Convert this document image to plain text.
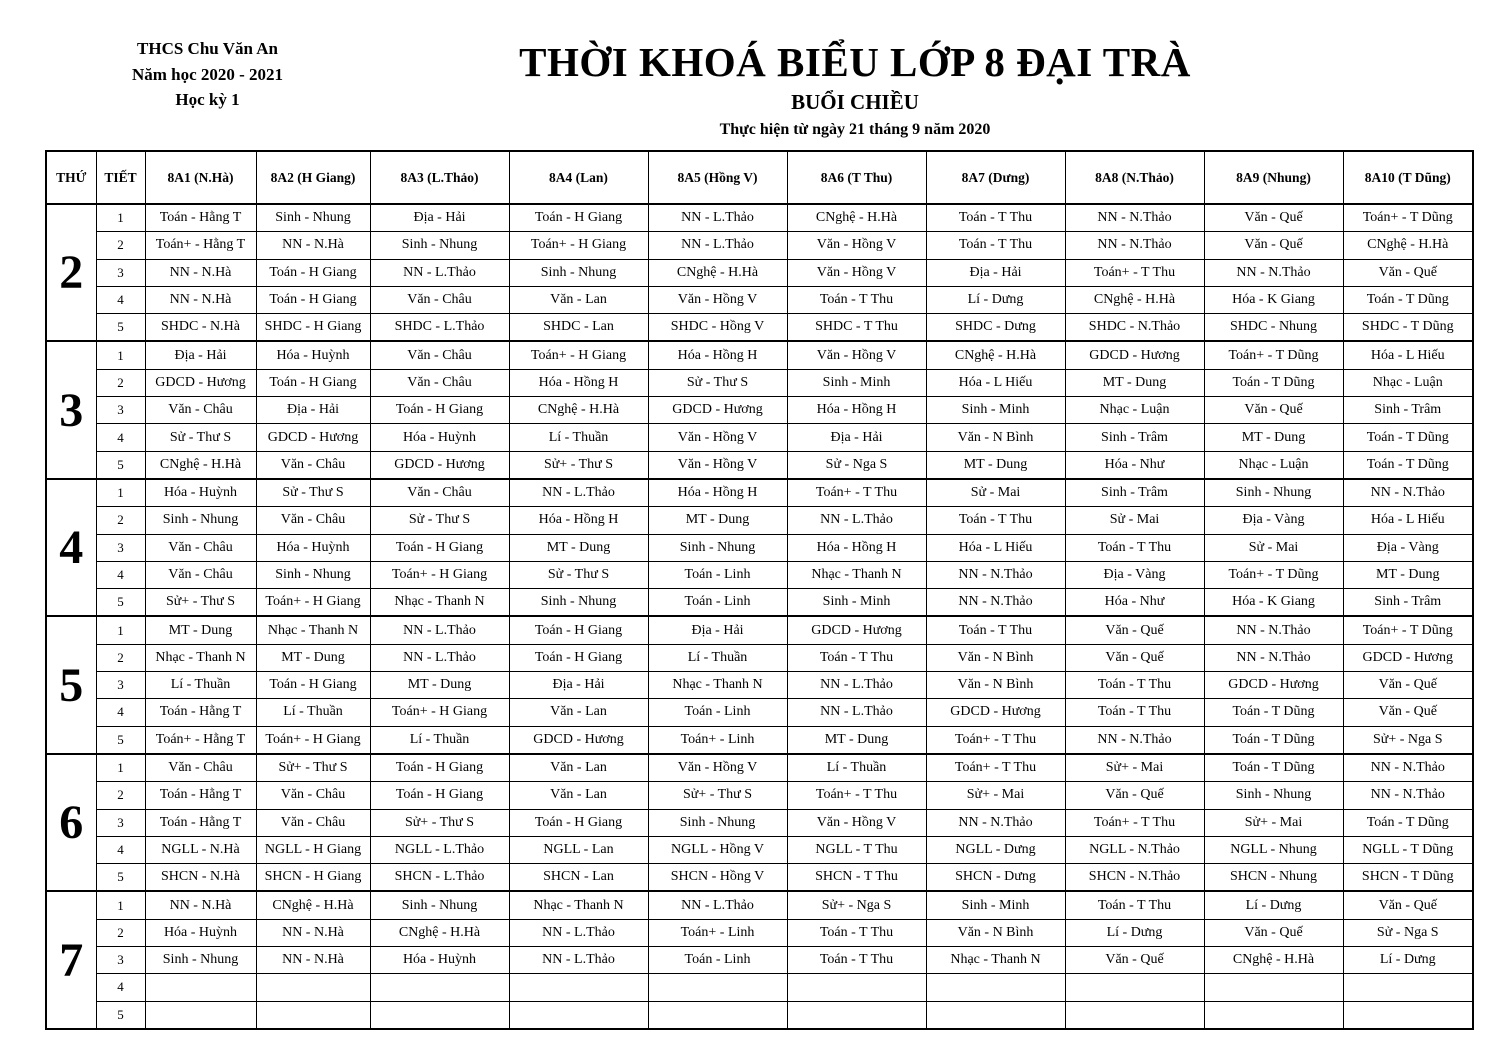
THCS Chu Văn An
Năm học 2020 - 2021
Học kỳ 1
THỜI KHOÁ BIỂU LỚP 8 ĐẠI TRÀ
BUỔI CHIỀU
Thực hiện từ ngày 21 tháng 9 năm 2020
THỨ	TIẾT	8A1 (N.Hà)	8A2 (H Giang)	8A3 (L.Thảo)	8A4 (Lan)	8A5 (Hồng V)	8A6 (T Thu)	8A7 (Dưng)	8A8 (N.Thảo)	8A9 (Nhung)	8A10 (T Dũng)
2	1	Toán - Hằng T	Sinh - Nhung	Địa - Hải	Toán - H Giang	NN - L.Thảo	CNghệ - H.Hà	Toán - T Thu	NN - N.Thảo	Văn - Quế	Toán+ - T Dũng
	2	Toán+ - Hằng T	NN - N.Hà	Sinh - Nhung	Toán+ - H Giang	NN - L.Thảo	Văn - Hồng V	Toán - T Thu	NN - N.Thảo	Văn - Quế	CNghệ - H.Hà
	3	NN - N.Hà	Toán - H Giang	NN - L.Thảo	Sinh - Nhung	CNghệ - H.Hà	Văn - Hồng V	Địa - Hải	Toán+ - T Thu	NN - N.Thảo	Văn - Quế
	4	NN - N.Hà	Toán - H Giang	Văn - Châu	Văn - Lan	Văn - Hồng V	Toán - T Thu	Lí - Dưng	CNghệ - H.Hà	Hóa - K Giang	Toán - T Dũng
	5	SHDC - N.Hà	SHDC - H Giang	SHDC - L.Thảo	SHDC - Lan	SHDC - Hồng V	SHDC - T Thu	SHDC - Dưng	SHDC - N.Thảo	SHDC - Nhung	SHDC - T Dũng
3	1	Địa - Hải	Hóa - Huỳnh	Văn - Châu	Toán+ - H Giang	Hóa - Hồng H	Văn - Hồng V	CNghệ - H.Hà	GDCD - Hương	Toán+ - T Dũng	Hóa - L Hiếu
	2	GDCD - Hương	Toán - H Giang	Văn - Châu	Hóa - Hồng H	Sử - Thư S	Sinh - Minh	Hóa - L Hiếu	MT - Dung	Toán - T Dũng	Nhạc - Luận
	3	Văn - Châu	Địa - Hải	Toán - H Giang	CNghệ - H.Hà	GDCD - Hương	Hóa - Hồng H	Sinh - Minh	Nhạc - Luận	Văn - Quế	Sinh - Trâm
	4	Sử - Thư S	GDCD - Hương	Hóa - Huỳnh	Lí - Thuần	Văn - Hồng V	Địa - Hải	Văn - N Bình	Sinh - Trâm	MT - Dung	Toán - T Dũng
	5	CNghệ - H.Hà	Văn - Châu	GDCD - Hương	Sử+ - Thư S	Văn - Hồng V	Sử - Nga S	MT - Dung	Hóa - Như	Nhạc - Luận	Toán - T Dũng
4	1	Hóa - Huỳnh	Sử - Thư S	Văn - Châu	NN - L.Thảo	Hóa - Hồng H	Toán+ - T Thu	Sử - Mai	Sinh - Trâm	Sinh - Nhung	NN - N.Thảo
	2	Sinh - Nhung	Văn - Châu	Sử - Thư S	Hóa - Hồng H	MT - Dung	NN - L.Thảo	Toán - T Thu	Sử - Mai	Địa - Vàng	Hóa - L Hiếu
	3	Văn - Châu	Hóa - Huỳnh	Toán - H Giang	MT - Dung	Sinh - Nhung	Hóa - Hồng H	Hóa - L Hiếu	Toán - T Thu	Sử - Mai	Địa - Vàng
	4	Văn - Châu	Sinh - Nhung	Toán+ - H Giang	Sử - Thư S	Toán - Linh	Nhạc - Thanh N	NN - N.Thảo	Địa - Vàng	Toán+ - T Dũng	MT - Dung
	5	Sử+ - Thư S	Toán+ - H Giang	Nhạc - Thanh N	Sinh - Nhung	Toán - Linh	Sinh - Minh	NN - N.Thảo	Hóa - Như	Hóa - K Giang	Sinh - Trâm
5	1	MT - Dung	Nhạc - Thanh N	NN - L.Thảo	Toán - H Giang	Địa - Hải	GDCD - Hương	Toán - T Thu	Văn - Quế	NN - N.Thảo	Toán+ - T Dũng
	2	Nhạc - Thanh N	MT - Dung	NN - L.Thảo	Toán - H Giang	Lí - Thuần	Toán - T Thu	Văn - N Bình	Văn - Quế	NN - N.Thảo	GDCD - Hương
	3	Lí - Thuần	Toán - H Giang	MT - Dung	Địa - Hải	Nhạc - Thanh N	NN - L.Thảo	Văn - N Bình	Toán - T Thu	GDCD - Hương	Văn - Quế
	4	Toán - Hằng T	Lí - Thuần	Toán+ - H Giang	Văn - Lan	Toán - Linh	NN - L.Thảo	GDCD - Hương	Toán - T Thu	Toán - T Dũng	Văn - Quế
	5	Toán+ - Hằng T	Toán+ - H Giang	Lí - Thuần	GDCD - Hương	Toán+ - Linh	MT - Dung	Toán+ - T Thu	NN - N.Thảo	Toán - T Dũng	Sử+ - Nga S
6	1	Văn - Châu	Sử+ - Thư S	Toán - H Giang	Văn - Lan	Văn - Hồng V	Lí - Thuần	Toán+ - T Thu	Sử+ - Mai	Toán - T Dũng	NN - N.Thảo
	2	Toán - Hằng T	Văn - Châu	Toán - H Giang	Văn - Lan	Sử+ - Thư S	Toán+ - T Thu	Sử+ - Mai	Văn - Quế	Sinh - Nhung	NN - N.Thảo
	3	Toán - Hằng T	Văn - Châu	Sử+ - Thư S	Toán - H Giang	Sinh - Nhung	Văn - Hồng V	NN - N.Thảo	Toán+ - T Thu	Sử+ - Mai	Toán - T Dũng
	4	NGLL - N.Hà	NGLL - H Giang	NGLL - L.Thảo	NGLL - Lan	NGLL - Hồng V	NGLL - T Thu	NGLL - Dưng	NGLL - N.Thảo	NGLL - Nhung	NGLL - T Dũng
	5	SHCN - N.Hà	SHCN - H Giang	SHCN - L.Thảo	SHCN - Lan	SHCN - Hồng V	SHCN - T Thu	SHCN - Dưng	SHCN - N.Thảo	SHCN - Nhung	SHCN - T Dũng
7	1	NN - N.Hà	CNghệ - H.Hà	Sinh - Nhung	Nhạc - Thanh N	NN - L.Thảo	Sử+ - Nga S	Sinh - Minh	Toán - T Thu	Lí - Dưng	Văn - Quế
	2	Hóa - Huỳnh	NN - N.Hà	CNghệ - H.Hà	NN - L.Thảo	Toán+ - Linh	Toán - T Thu	Văn - N Bình	Lí - Dưng	Văn - Quế	Sử - Nga S
	3	Sinh - Nhung	NN - N.Hà	Hóa - Huỳnh	NN - L.Thảo	Toán - Linh	Toán - T Thu	Nhạc - Thanh N	Văn - Quế	CNghệ - H.Hà	Lí - Dưng
	4										
	5										
